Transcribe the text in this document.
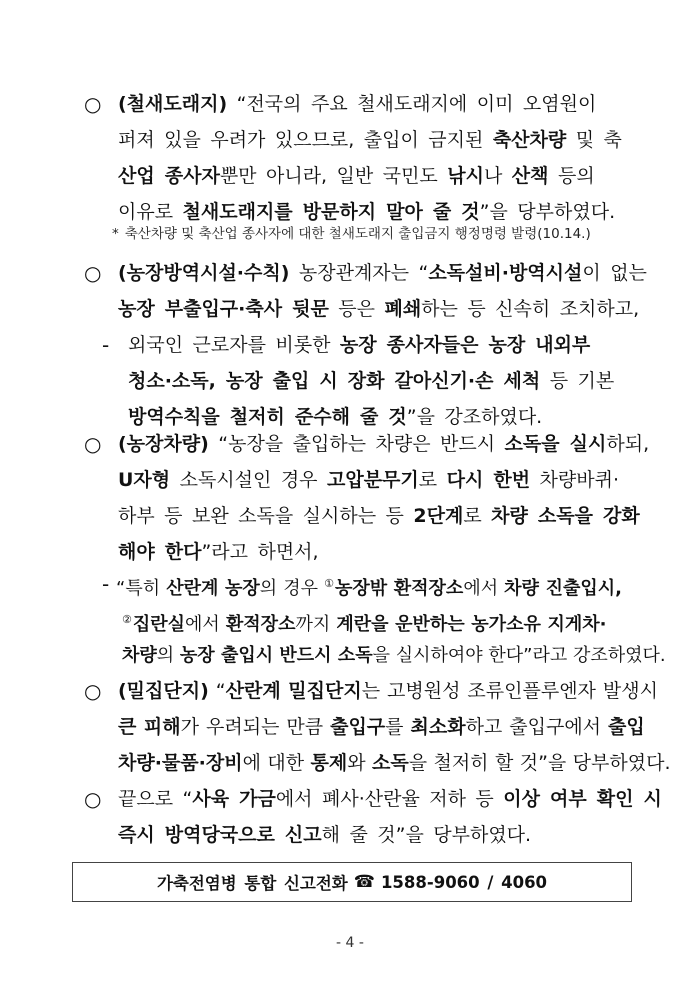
○ (철새도래지) “전국의 주요 철새도래지에 이미 오염원이
퍼져 있을 우려가 있으므로, 출입이 금지된 축산차량 및 축
산업 종사자뿐만 아니라, 일반 국민도 낚시나 산책 등의
이유로 철새도래지를 방문하지 말아 줄 것”을 당부하였다.
* 축산차량 및 축산업 종사자에 대한 철새도래지 출입금지 행정명령 발령(10.14.)
○ (농장방역시설·수칙) 농장관계자는 “소독설비·방역시설이 없는
농장 부출입구·축사 뒷문 등은 폐쇄하는 등 신속히 조치하고,
- 외국인 근로자를 비롯한 농장 종사자들은 농장 내외부
청소·소독, 농장 출입 시 장화 갈아신기·손 세척 등 기본
방역수칙을 철저히 준수해 줄 것”을 강조하였다.
○ (농장차량) “농장을 출입하는 차량은 반드시 소독을 실시하되,
U자형 소독시설인 경우 고압분무기로 다시 한번 차량바퀴·
하부 등 보완 소독을 실시하는 등 2단계로 차량 소독을 강화
해야 한다”라고 하면서,
- “특히 산란계 농장의 경우 ①농장밖 환적장소에서 차량 진출입시,
②집란실에서 환적장소까지 계란을 운반하는 농가소유 지게차·
차량의 농장 출입시 반드시 소독을 실시하여야 한다”라고 강조하였다.
○ (밀집단지) “산란계 밀집단지는 고병원성 조류인플루엔자 발생시
큰 피해가 우려되는 만큼 출입구를 최소화하고 출입구에서 출입
차량·물품·장비에 대한 통제와 소독을 철저히 할 것”을 당부하였다.
○ 끝으로 “사육 가금에서 폐사·산란율 저하 등 이상 여부 확인 시
즉시 방역당국으로 신고해 줄 것”을 당부하였다.
가축전염병 통합 신고전화 ☎ 1588-9060 / 4060
- 4 -
